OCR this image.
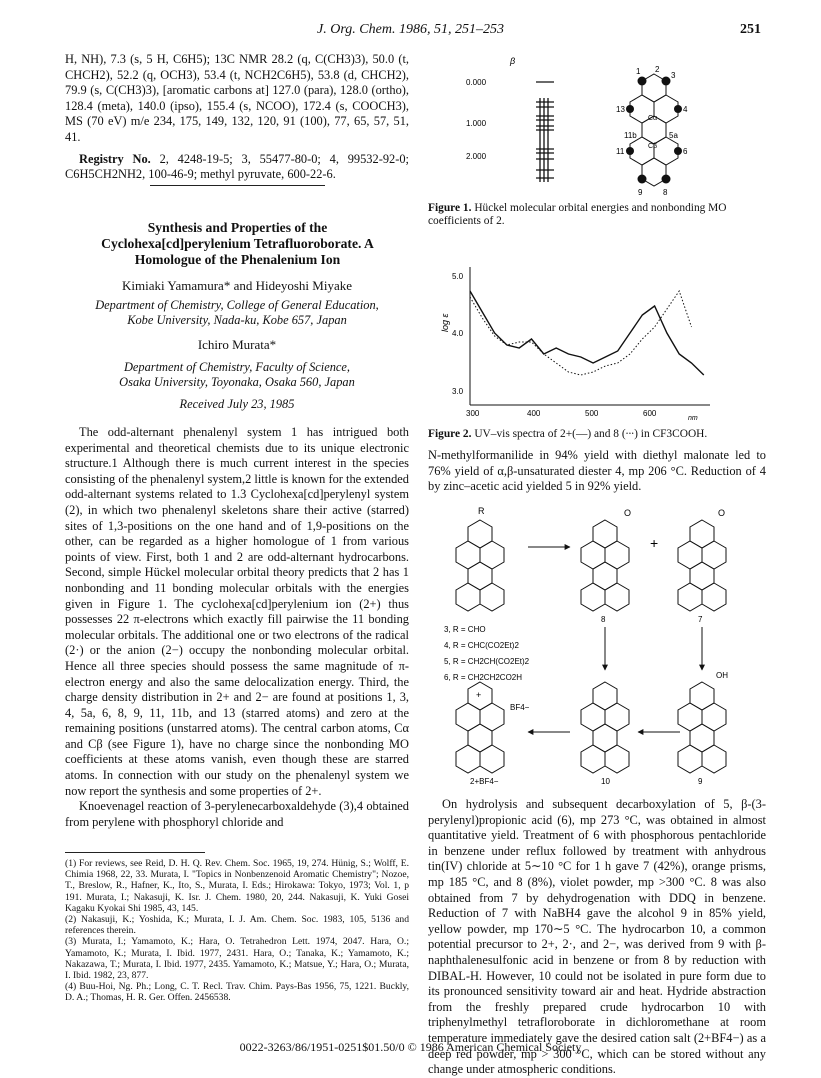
J. Org. Chem. 1986, 51, 251–253	251

H, NH), 7.3 (s, 5 H, C6H5); 13C NMR 28.2 (q, C(CH3)3), 50.0 (t, CHCH2), 52.2 (q, OCH3), 53.4 (t, NCH2C6H5), 53.8 (d, CHCH2), 79.9 (s, C(CH3)3), [aromatic carbons at] 127.0 (para), 128.0 (ortho), 128.4 (meta), 140.0 (ipso), 155.4 (s, NCOO), 172.4 (s, COOCH3), MS (70 eV) m/e 234, 175, 149, 132, 120, 91 (100), 77, 65, 57, 51, 41.

Registry No. 2, 4248-19-5; 3, 55477-80-0; 4, 99532-92-0; C6H5CH2NH2, 100-46-9; methyl pyruvate, 600-22-6.

Synthesis and Properties of the Cyclohexa[cd]perylenium Tetrafluoroborate. A Homologue of the Phenalenium Ion
Kimiaki Yamamura* and Hideyoshi Miyake
Department of Chemistry, College of General Education,
Kobe University, Nada-ku, Kobe 657, Japan
Ichiro Murata*
Department of Chemistry, Faculty of Science,
Osaka University, Toyonaka, Osaka 560, Japan
Received July 23, 1985

The odd-alternant phenalenyl system 1 has intrigued both experimental and theoretical chemists due to its unique electronic structure.1 Although there is much current interest in the species consisting of the phenalenyl system,2 little is known for the extended odd-alternant systems related to 1.3 Cyclohexa[cd]perylenyl system (2), in which two phenalenyl skeletons share their active (starred) sites of 1,3-positions on the one hand and of 1,9-positions on the other, can be regarded as a higher homologue of 1 from various points of view. First, both 1 and 2 are odd-alternant hydrocarbons. Second, simple Hückel molecular orbital theory predicts that 2 has 1 nonbonding and 11 bonding molecular orbitals with the energies given in Figure 1. The cyclohexa[cd]perylenium ion (2+) thus possesses 22 π-electrons which exactly fill pairwise the 11 bonding molecular orbitals. The additional one or two electrons of the radical (2·) or the anion (2−) occupy the nonbonding molecular orbital. Hence all three species should possess the same magnitude of π-electron energy and also the same delocalization energy. Third, the charge density distribution in 2+ and 2− are found at positions 1, 3, 4, 5a, 6, 8, 9, 11, 11b, and 13 (starred atoms) and zero at the remaining positions (unstarred atoms). The central carbon atoms, Cα and Cβ (see Figure 1), have no charge since the nonbonding MO coefficients at these atoms vanish, even though these are starred atoms. In connection with our study on the phenalenyl system we now report the synthesis and some properties of 2+.

Knoevenagel reaction of 3-perylenecarboxaldehyde (3),4 obtained from perylene with phosphoryl chloride and

(1) For reviews, see Reid, D. H. Q. Rev. Chem. Soc. 1965, 19, 274. Hünig, S.; Wolff, E. Chimia 1968, 22, 33. Murata, I. "Topics in Nonbenzenoid Aromatic Chemistry"; Nozoe, T., Breslow, R., Hafner, K., Ito, S., Murata, I. Eds.; Hirokawa: Tokyo, 1973; Vol. 1, p 191. Murata, I.; Nakasuji, K. Isr. J. Chem. 1980, 20, 244. Nakasuji, K. Yuki Gosei Kagaku Kyokai Shi 1985, 43, 145.

(2) Nakasuji, K.; Yoshida, K.; Murata, I. J. Am. Chem. Soc. 1983, 105, 5136 and references therein.

(3) Murata, I.; Yamamoto, K.; Hara, O. Tetrahedron Lett. 1974, 2047. Hara, O.; Yamamoto, K.; Murata, I. Ibid. 1977, 2431. Hara, O.; Tanaka, K.; Yamamoto, K.; Nakazawa, T.; Murata, I. Ibid. 1977, 2435. Yamamoto, K.; Matsue, Y.; Hara, O.; Murata, I. Ibid. 1982, 23, 877.

(4) Buu-Hoi, Ng. Ph.; Long, C. T. Recl. Trav. Chim. Pays-Bas 1956, 75, 1221. Buckly, D. A.; Thomas, H. R. Ger. Offen. 2456538.

β
0.000
1.000
2.000
1 2
3
4
13
11b	5a
11	6
9	8
Cα
Cβ
Figure 1. Hückel molecular orbital energies and nonbonding MO coefficients of 2.
log ε
5.0
4.0
3.0
300	400	500	600
nm
Figure 2. UV–vis spectra of 2+(—) and 8 (∙∙∙) in CF3COOH.

N-methylformanilide in 94% yield with diethyl malonate led to 76% yield of α,β-unsaturated diester 4, mp 206 °C. Reduction of 4 by zinc–acetic acid yielded 5 in 92% yield.

R	O
+
O
8	7
3, R = CHO
4, R = CHC(CO2Et)2
5, R = CH2CH(CO2Et)2
6, R = CH2CH2CO2H
+
BF4−
2+BF4−	10
OH
9

On hydrolysis and subsequent decarboxylation of 5, β-(3-perylenyl)propionic acid (6), mp 273 °C, was obtained in almost quantitative yield. Treatment of 6 with phosphorous pentachloride in benzene under reflux followed by treatment with anhydrous tin(IV) chloride at 5∼10 °C for 1 h gave 7 (42%), orange prisms, mp 185 °C, and 8 (8%), violet powder, mp >300 °C. 8 was also obtained from 7 by dehydrogenation with DDQ in benzene. Reduction of 7 with NaBH4 gave the alcohol 9 in 85% yield, yellow powder, mp 170∼5 °C. The hydrocarbon 10, a common potential precursor to 2+, 2·, and 2−, was derived from 9 with β-naphthalenesulfonic acid in benzene or from 8 by reduction with DIBAL-H. However, 10 could not be isolated in pure form due to its pronounced sensitivity toward air and heat. Hydride abstraction from the freshly prepared crude hydrocarbon 10 with triphenylmethyl tetrafloroborate in dichloromethane at room temperature immediately gave the desired cation salt (2+BF4−) as a deep red powder, mp > 300 °C, which can be stored without any change under atmospheric conditions.

0022-3263/86/1951-0251$01.50/0 © 1986 American Chemical Society
